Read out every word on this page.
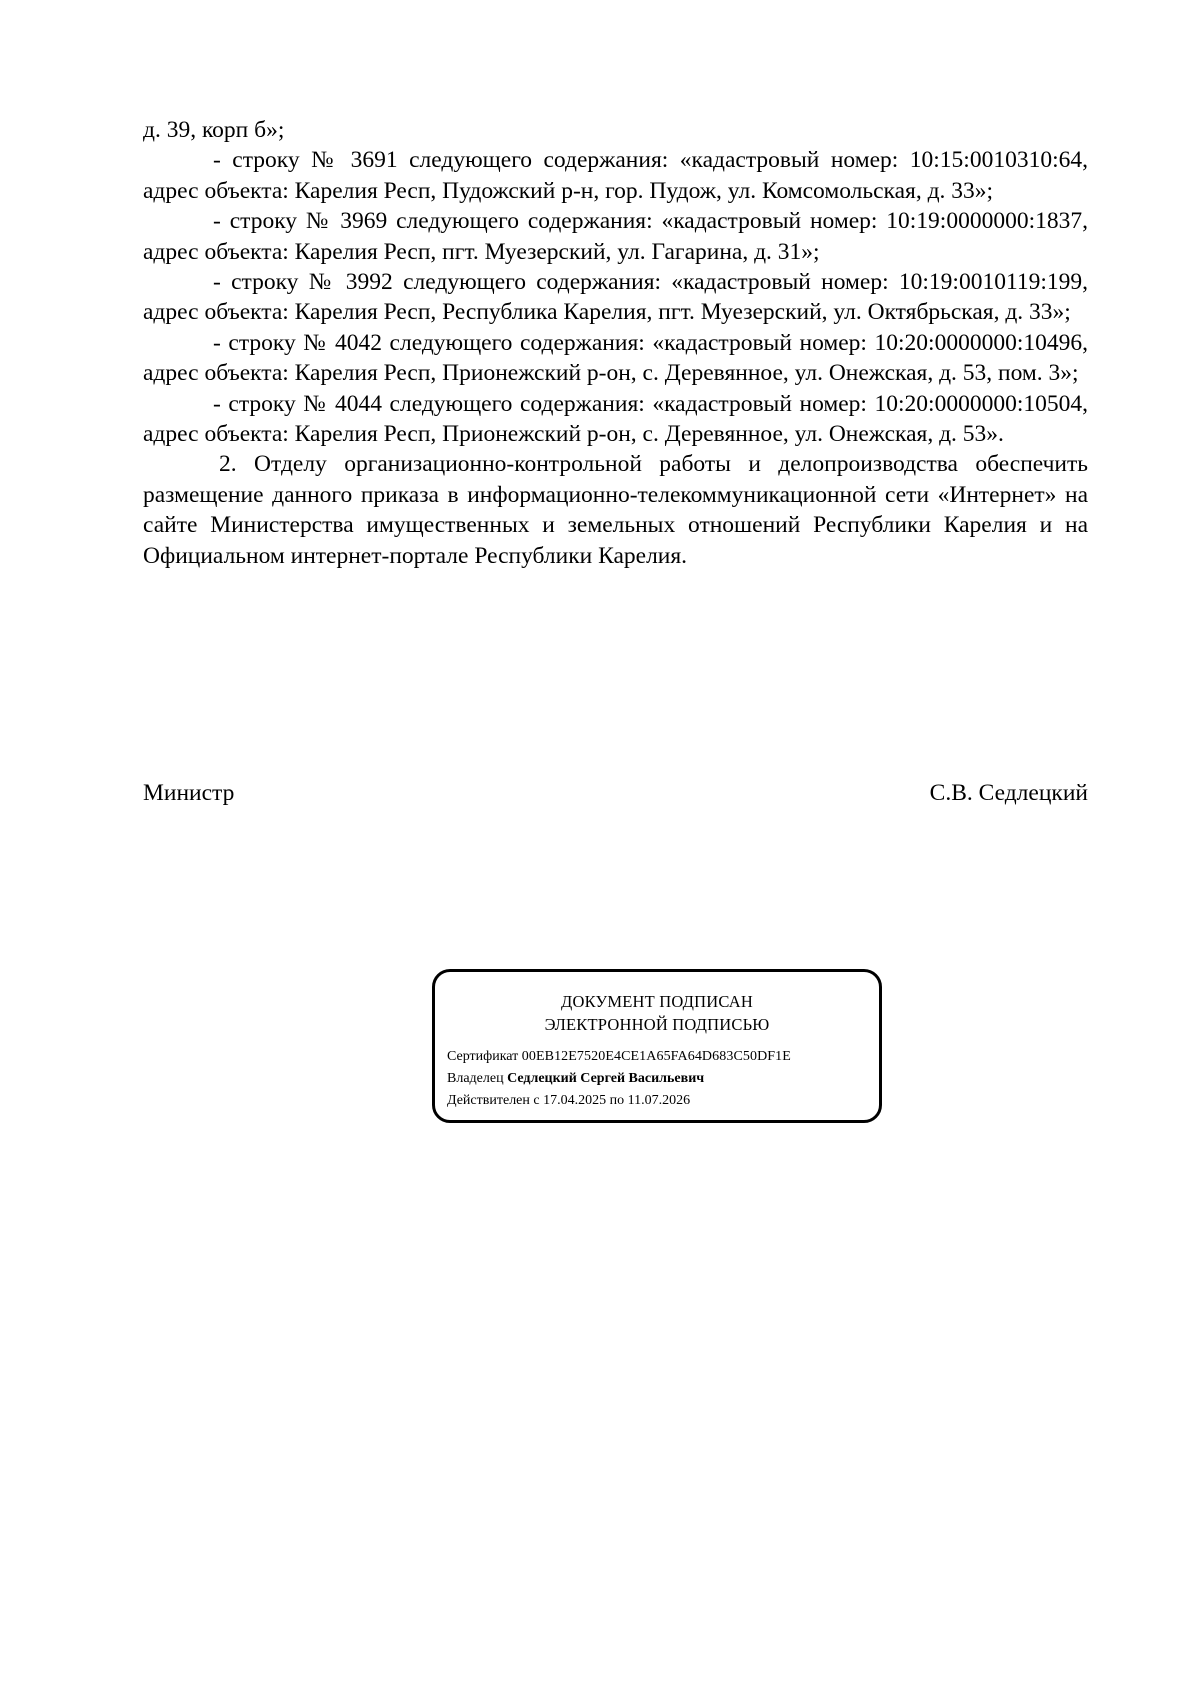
д. 39, корп б»;

- строку № 3691 следующего содержания: «кадастровый номер: 10:15:0010310:64, адрес объекта: Карелия Респ, Пудожский р-н, гор. Пудож, ул. Комсомольская, д. 33»;

- строку № 3969 следующего содержания: «кадастровый номер: 10:19:0000000:1837, адрес объекта: Карелия Респ, пгт. Муезерский, ул. Гагарина, д. 31»;

- строку № 3992 следующего содержания: «кадастровый номер: 10:19:0010119:199, адрес объекта: Карелия Респ, Республика Карелия, пгт. Муезерский, ул. Октябрьская, д. 33»;

- строку № 4042 следующего содержания: «кадастровый номер: 10:20:0000000:10496, адрес объекта: Карелия Респ, Прионежский р-он, с. Деревянное, ул. Онежская, д. 53, пом. 3»;

- строку № 4044 следующего содержания: «кадастровый номер: 10:20:0000000:10504, адрес объекта: Карелия Респ, Прионежский р-он, с. Деревянное, ул. Онежская, д. 53».

2. Отделу организационно-контрольной работы и делопроизводства обеспечить размещение данного приказа в информационно-телекоммуникационной сети «Интернет» на сайте Министерства имущественных и земельных отношений Республики Карелия и на Официальном интернет-портале Республики Карелия.

Министр	С.В. Седлецкий
ДОКУМЕНТ ПОДПИСАН
ЭЛЕКТРОННОЙ ПОДПИСЬЮ
Сертификат 00EB12E7520E4CE1A65FA64D683C50DF1E
Владелец Седлецкий Сергей Васильевич
Действителен с 17.04.2025 по 11.07.2026
